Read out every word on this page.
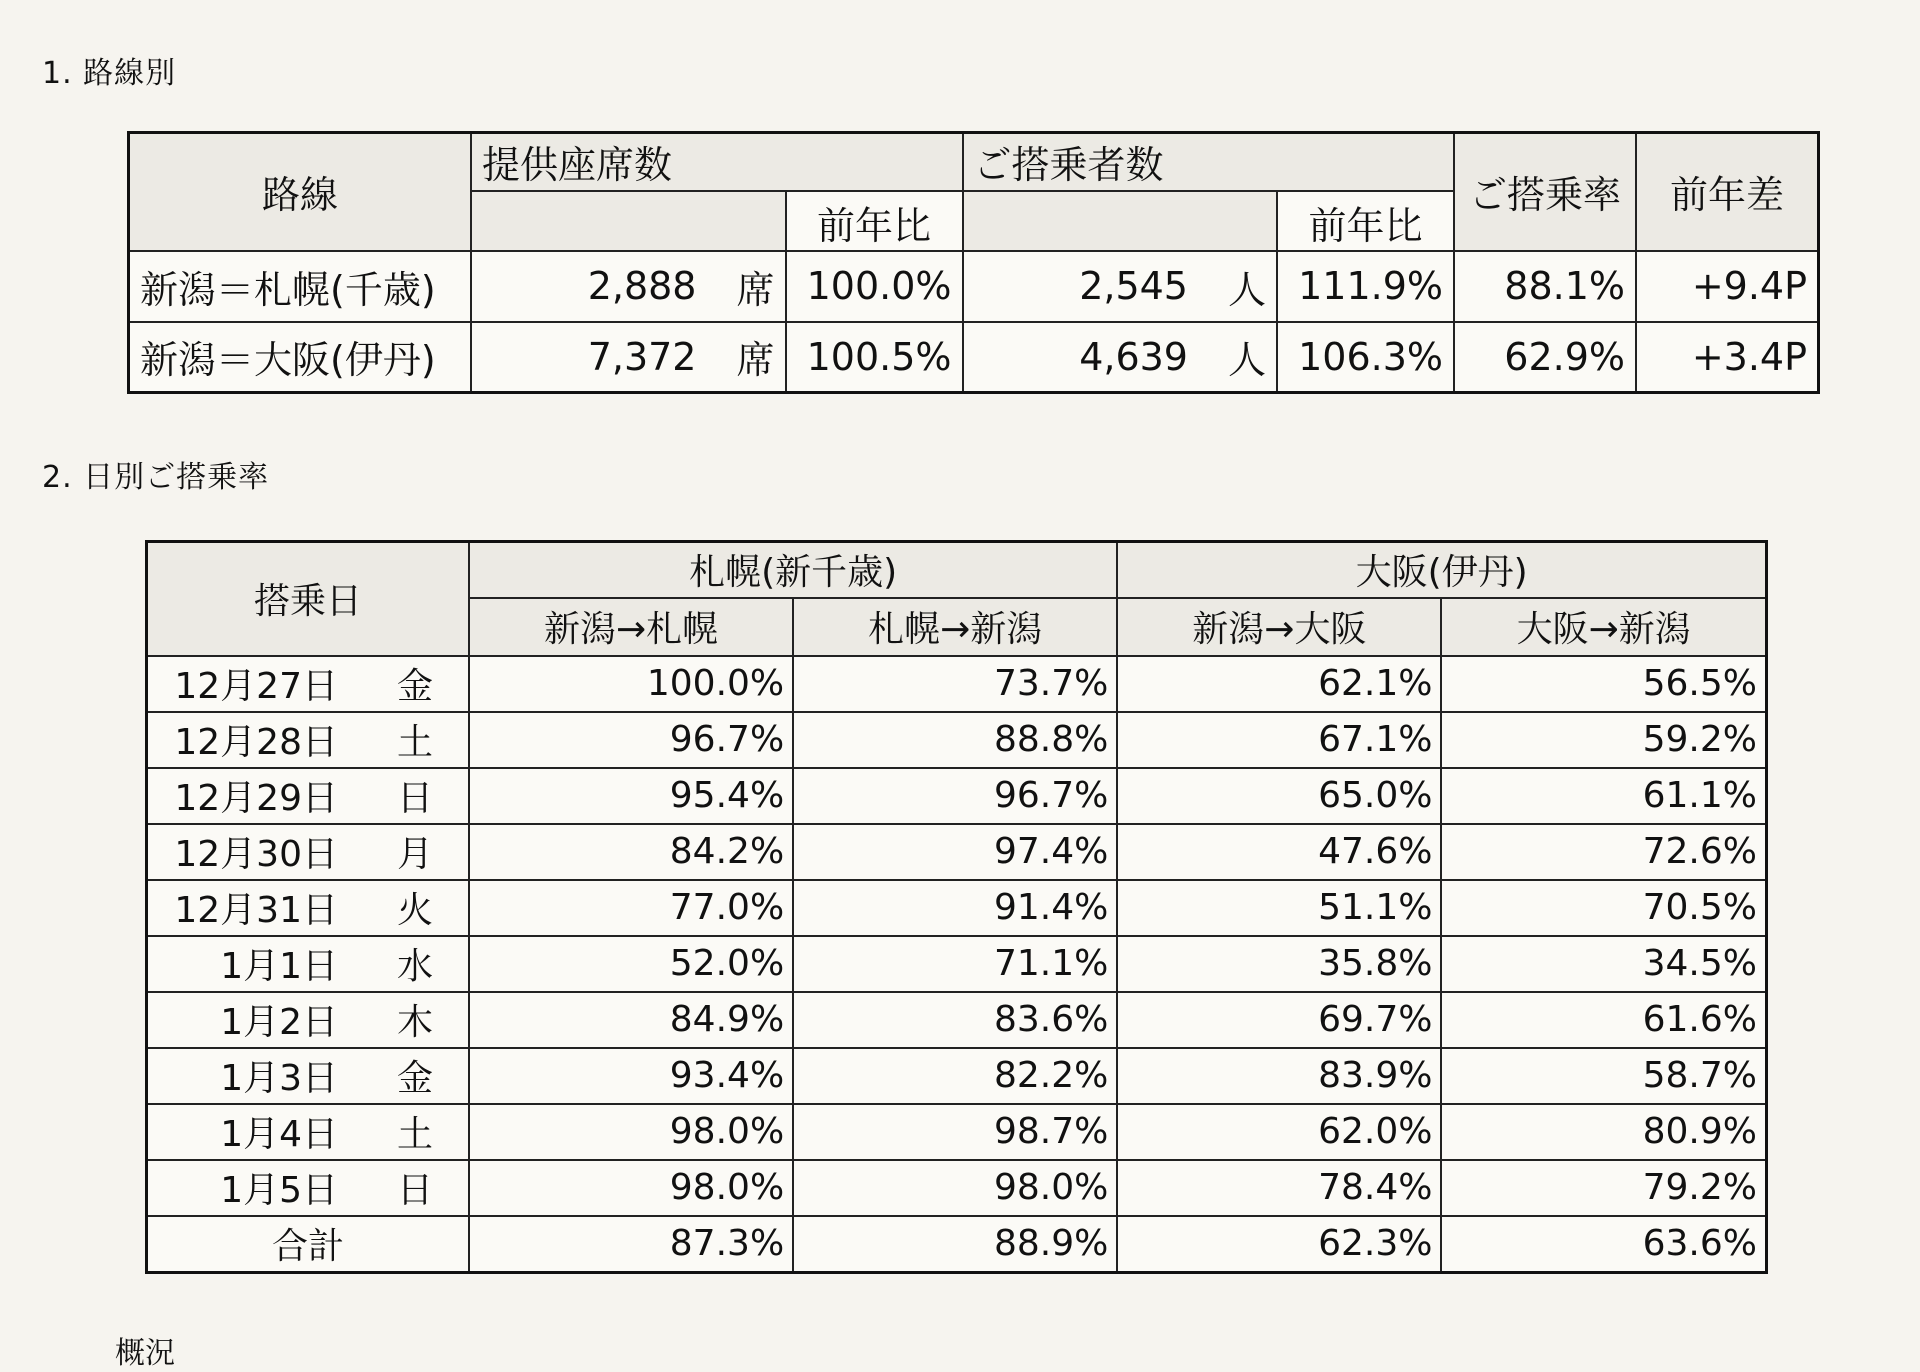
1. 路線別
路線	提供座席数		ご搭乗者数		ご搭乗率	前年差
		前年比		前年比		
新潟＝札幌(千歳)	2,888 席	100.0%	2,545 人	111.9%	88.1%	+9.4P
新潟＝大阪(伊丹)	7,372 席	100.5%	4,639 人	106.3%	62.9%	+3.4P
2. 日別ご搭乗率
搭乗日	札幌(新千歳)		大阪(伊丹)	
	新潟→札幌	札幌→新潟	新潟→大阪	大阪→新潟

12月27日 金	100.0%	73.7%	62.1%	56.5%

12月28日 土	96.7%	88.8%	67.1%	59.2%

12月29日 日	95.4%	96.7%	65.0%	61.1%

12月30日 月	84.2%	97.4%	47.6%	72.6%

12月31日 火	77.0%	91.4%	51.1%	70.5%

1月1日 水	52.0%	71.1%	35.8%	34.5%

1月2日 木	84.9%	83.6%	69.7%	61.6%

1月3日 金	93.4%	82.2%	83.9%	58.7%

1月4日 土	98.0%	98.7%	62.0%	80.9%

1月5日 日	98.0%	98.0%	78.4%	79.2%
合計	87.3%	88.9%	62.3%	63.6%
概況
